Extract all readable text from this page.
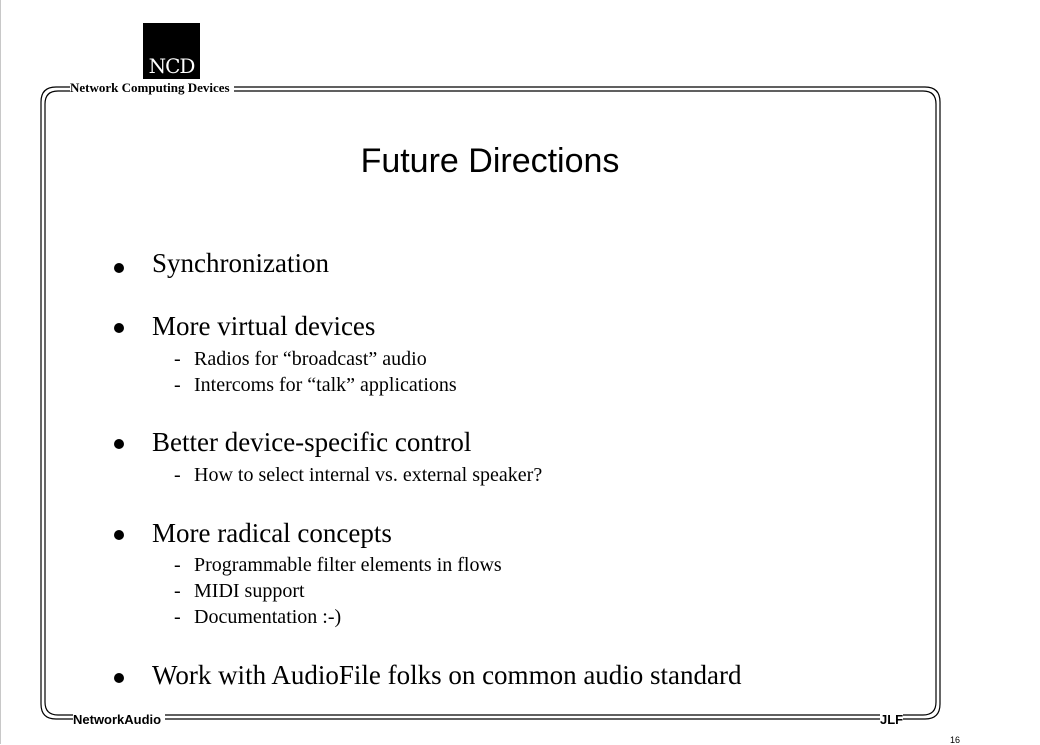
NCD
Network Computing Devices
Future Directions
Synchronization
More virtual devices
- Radios for “broadcast” audio
- Intercoms for “talk” applications
Better device-specific control
- How to select internal vs. external speaker?
More radical concepts
- Programmable filter elements in flows
- MIDI support
- Documentation :-)
Work with AudioFile folks on common audio standard
NetworkAudio	JLF
16
